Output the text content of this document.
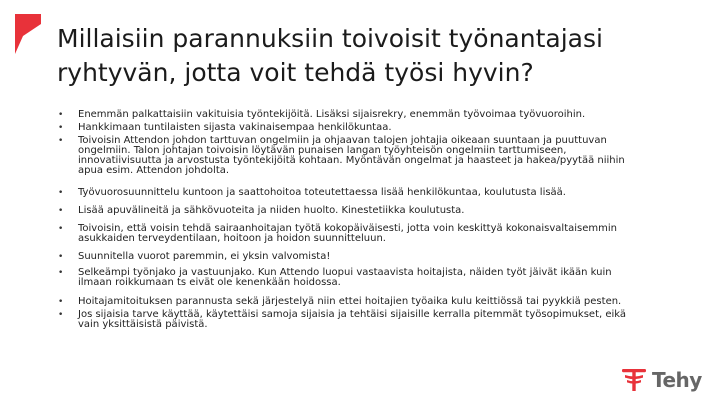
Millaisiin parannuksiin toivoisit työnantajasi
ryhtyvän, jotta voit tehdä työsi hyvin?
• Enemmän palkattaisiin vakituisia työntekijöitä. Lisäksi sijaisrekry, enemmän työvoimaa työvuoroihin.
• Hankkimaan tuntilaisten sijasta vakinaisempaa henkilökuntaa.
• Toivoisin Attendon johdon tarttuvan ongelmiin ja ohjaavan talojen johtajia oikeaan suuntaan ja puuttuvan
ongelmiin. Talon johtajan toivoisin löytävän punaisen langan työyhteisön ongelmiin tarttumiseen,
innovatiivisuutta ja arvostusta työntekijöitä kohtaan. Myöntävän ongelmat ja haasteet ja hakea/pyytää niihin
apua esim. Attendon johdolta.
• Työvuorosuunnittelu kuntoon ja saattohoitoa toteutettaessa lisää henkilökuntaa, koulutusta lisää.
• Lisää apuvälineitä ja sähkövuoteita ja niiden huolto. Kinestetiikka koulutusta.
• Toivoisin, että voisin tehdä sairaanhoitajan työtä kokopäiväisesti, jotta voin keskittyä kokonaisvaltaisemmin
asukkaiden terveydentilaan, hoitoon ja hoidon suunnitteluun.
• Suunnitella vuorot paremmin, ei yksin valvomista!
• Selkeämpi työnjako ja vastuunjako. Kun Attendo luopui vastaavista hoitajista, näiden työt jäivät ikään kuin
ilmaan roikkumaan ts eivät ole kenenkään hoidossa.
• Hoitajamitoituksen parannusta sekä järjestelyä niin ettei hoitajien työaika kulu keittiössä tai pyykkiä pesten.
• Jos sijaisia tarve käyttää, käytettäisi samoja sijaisia ja tehtäisi sijaisille kerralla pitemmät työsopimukset, eikä
vain yksittäisistä päivistä.
Tehy
